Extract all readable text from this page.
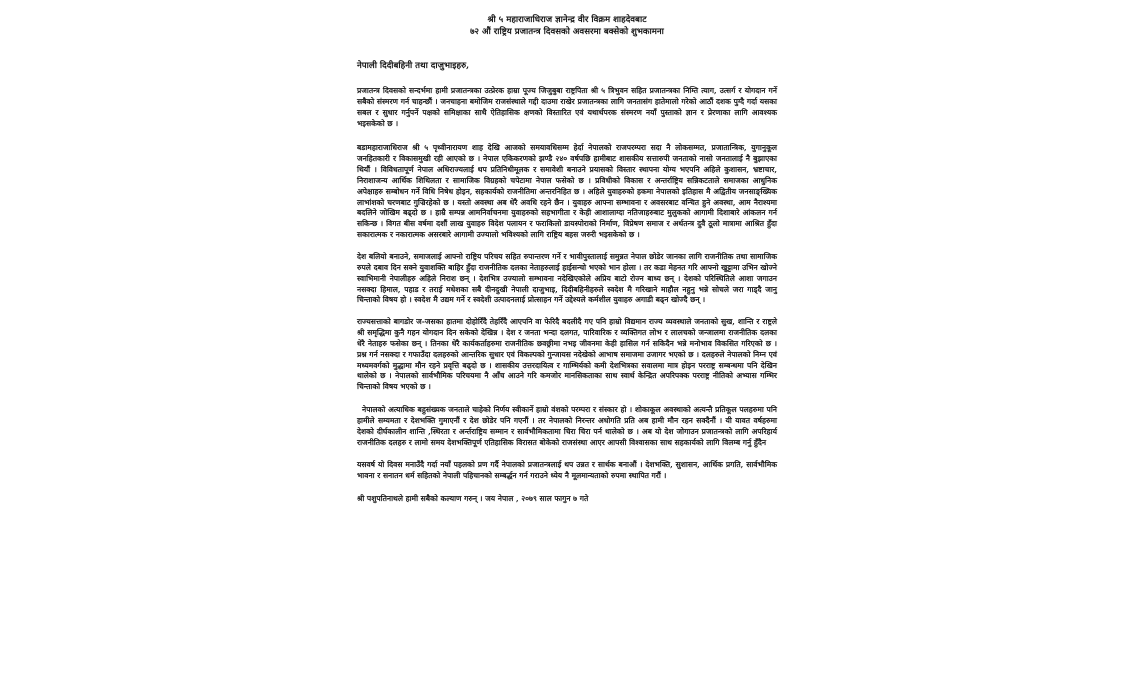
श्री ५ महाराजाधिराज ज्ञानेन्द्र वीर विक्रम शाहदेवबाट
७२ औं राष्ट्रिय प्रजातन्त्र दिवसको अवसरमा बक्सेको शुभकामना
नेपाली दिदीबहिनी तथा दाजुभाइहरु,
प्रजातन्त्र दिवसको सन्दर्भमा हामी प्रजातन्त्रका उत्प्रेरक हाम्रा पूज्य जिजुबुबा राष्ट्रपिता श्री ५ त्रिभुवन सहित प्रजातन्त्रका निम्ति त्याग, उत्सर्ग र योगदान गर्ने सबैको संस्मरण गर्न चाहन्छौं । जनचाहना बमोजिम राजसंस्थाले गद्दी दाउमा राखेर प्रजातन्त्रका लागि जनतासंग हातेमालो गरेको आठौं दशक पुग्दै गर्दा यसका सबल र सुधार गर्नुपर्ने पक्षको समिक्षाका साथै ऐतिहासिक क्षणको विस्तारित एवं यथार्थपरक संस्मरण नयाँ पुस्ताको ज्ञान र प्रेरणाका लागि आवश्यक भइसकेको छ ।
बडामहाराजाधिराज श्री ५ पृथ्वीनारायण शाह देखि आजको समयावधिसम्म हेर्दा नेपालको राजपरम्परा सदा नै लोकसम्मत, प्रजातान्त्रिक, युगानुकूल जनहितकारी र विकासमुखी रही आएको छ । नेपाल एकिकरणको झण्डै २४० वर्षपछि हामीबाट शासकीय सत्तारुपी जनताको नासो जनतालाई नै बुझाएका थियौं । विविधतापूर्ण नेपाल अधिराज्यलाई थप प्रतिनिधीमूलक र समावेशी बनाउने प्रयासको विस्तार स्थापना योग्य भएपनि अहिले कुशासन, भ्रष्टाचार, निराशाजन्य आर्थिक शिथिलता र सामाजिक विग्रहको चपेटामा नेपाल फसेको छ । प्रविधीको विकास र अन्तर्राष्ट्रिय सन्निकटताले समाजका आधुनिक अपेक्षाहरु सम्बोधन गर्ने विधि निषेध होइन, सहकार्यको राजनीतिमा अन्तरनिहित छ । अहिले युवाहरुको हकमा नेपालको इतिहास मै अद्वितीय जनसाङ्ख्यिक लाभांशको चरणबाट गुज्रिरहेको छ । यस्तो अवस्था अब धेरै अवधि रहने छैन । युवाहरु आफ्ना सम्भावना र अवसरबाट वन्चित हुने अवस्था, आम नैराश्यमा बदलिने जोखिम बढ्दो छ । हाम्रै सम्पन्न आमनिर्वाचनमा युवाहरुको सहभागीता र केही आशालाग्दा नतिजाहरुबाट मुलुकको आगामी दिशाबारे आंकलन गर्न सकिन्छ । विगत बीस वर्षमा दशौं लाख युवाहरु विदेश पलायन र फराकिलो डायस्पोराको निर्माण, विप्रेषण समाज र अर्थतन्त्र दुवै ठूलो मात्रामा आश्रित हुँदा सकारात्मक र नकारात्मक असरबारे आगामी उज्यालो भविश्यको लागि राष्ट्रिय बहस जरुरी भइसकेको छ ।
देश बलियो बनाउने, समाजलाई आफ्नो राष्ट्रिय परिचय सहित रुपान्तरण गर्ने र भावीपुस्तालाई समुन्नत नेपाल छोडेर जानका लागि राजनीतिक तथा सामाजिक रुपले दबाव दिन सक्ने युवाशक्ति बाहिर हुँदा राजनीतिक दलका नेताहरुलाई हाईसन्चो भएको भान होला । तर कडा मेहनत गरि आफ्नो खुट्टामा उभिन खोज्ने स्वाभिमानी नेपालीहरु अहिले निराश छन् । देशभित्र उज्यालो सम्भावना नदेखिएकोले अप्रिय बाटो रोज्न बाध्य छन् । देशको परिस्थितिले आशा जगाउन नसक्दा हिमाल, पहाड र तराई मधेशका सबै दीनदुखी नेपाली दाजुभाइ, दिदीबहिनीहरुले स्वदेश मै गरिखाने माहौल नहुनु भन्ने सोचले जरा गाड्दै जानु चिन्ताको विषय हो । स्वदेश मै उद्यम गर्ने र स्वदेशी उत्पादनलाई प्रोत्साहन गर्ने उद्देश्यले कर्मशील युवाहरु अगाडी बढ्न खोज्दै छन् ।
राज्यसत्ताको बागडोर ज-जसका हातमा दोहोरिँदै तेहरिँदै आएपनि वा फेरिदै बदलीदै गए पनि हाम्रो विद्यमान राज्य व्यवस्थाले जनताको सुख, शान्ति र राष्ट्रले श्री समृद्धिमा कुनै गहन योगदान दिन सकेको देखिन्न । देश र जनता भन्दा दलगत, पारिवारिक र व्यक्तिगत लोभ र लालचको जन्जालमा राजनीतिक दलका धेरै नेताहरु फसेका छन् । तिनका धेरै कार्यकर्ताहरुमा राजनीतिक छवछ्रीमा नभइ जीवनमा केही हासिल गर्न सकिदैन भन्ने मनोभाव विकसित गरिएको छ । प्रश्न गर्न नसक्दा र गफाउँदा दलहरुको आन्तरिक सुधार एवं विकल्पको गुन्जायस नदेखेको आभाष समाजमा उजागर भएको छ । दलहरुले नेपालको निम्न एवं मध्यमवर्गको मुद्धामा मौन रहने प्रवृत्ति बढ्दो छ । शासकीय उत्तरदायित्व र गाम्भिर्यको कमी देशभित्रका सवालमा मात्र होइन परराष्ट्र सम्बन्धमा पनि देखिन थालेको छ । नेपालको सार्वभौमिक परिचयमा नै आँच आउने गरि कमजोर मानसिकताका साथ स्वार्थ केन्द्रित अपरिपक्क परराष्ट्र नीतिको अभ्यास गम्भिर चिन्ताको विषय भएको छ ।
नेपालको अत्याधिक बहुसंख्यक जनताले चाहेको निर्णय स्वीकार्ने हाम्रो वंशको परम्परा र संस्कार हो । शोकाकूल अवस्थाको अत्यन्तै प्रतिकूल पलहरुमा पनि हामीले सम्यमता र देशभक्ति गुमाएनौं र देश छोडेर पनि गएनौं । तर नेपालको निरन्तर अधोगति प्रति अब हामी मौन रहन सक्दैनौं । यी यावत वर्षहरुमा देशको दीर्घकालीन शान्ति ,स्थिरता र अर्न्तराष्ट्रिय सम्मान र सार्वभौमिकतामा चिरा चिरा पर्न थालेको छ । अब यो देश जोगाउन प्रजातन्त्रको लागि अपरिहार्य राजनीतिक दलहरु र लामो समय देशभक्तिपूर्ण एतिहासिक विरासत बोकेको राजसंस्था आएर आपसी विश्वासका साथ सहकार्यको लागि विलम्ब गर्नु हुँदैन
यसवर्ष यो दिवस मनाउँदै गर्दा नयाँ पहलको प्रण गर्दै नेपालको प्रजातन्त्रलाई थप उन्नत र सार्थक बनाऔं । देशभक्ति, सुशासन, आर्थिक प्रगति, सार्वभौमिक भावना र सनातन धर्म सहितको नेपाली पहिचानको सम्बर्द्धन गर्न गराउने ध्येय नै मूलमान्यताको रुपमा स्थापित गरौं ।
श्री पशुपतिनाथले हामी सबैको कल्याण गरुन् । जय नेपाल , २०७९ साल फागुन ७ गते
